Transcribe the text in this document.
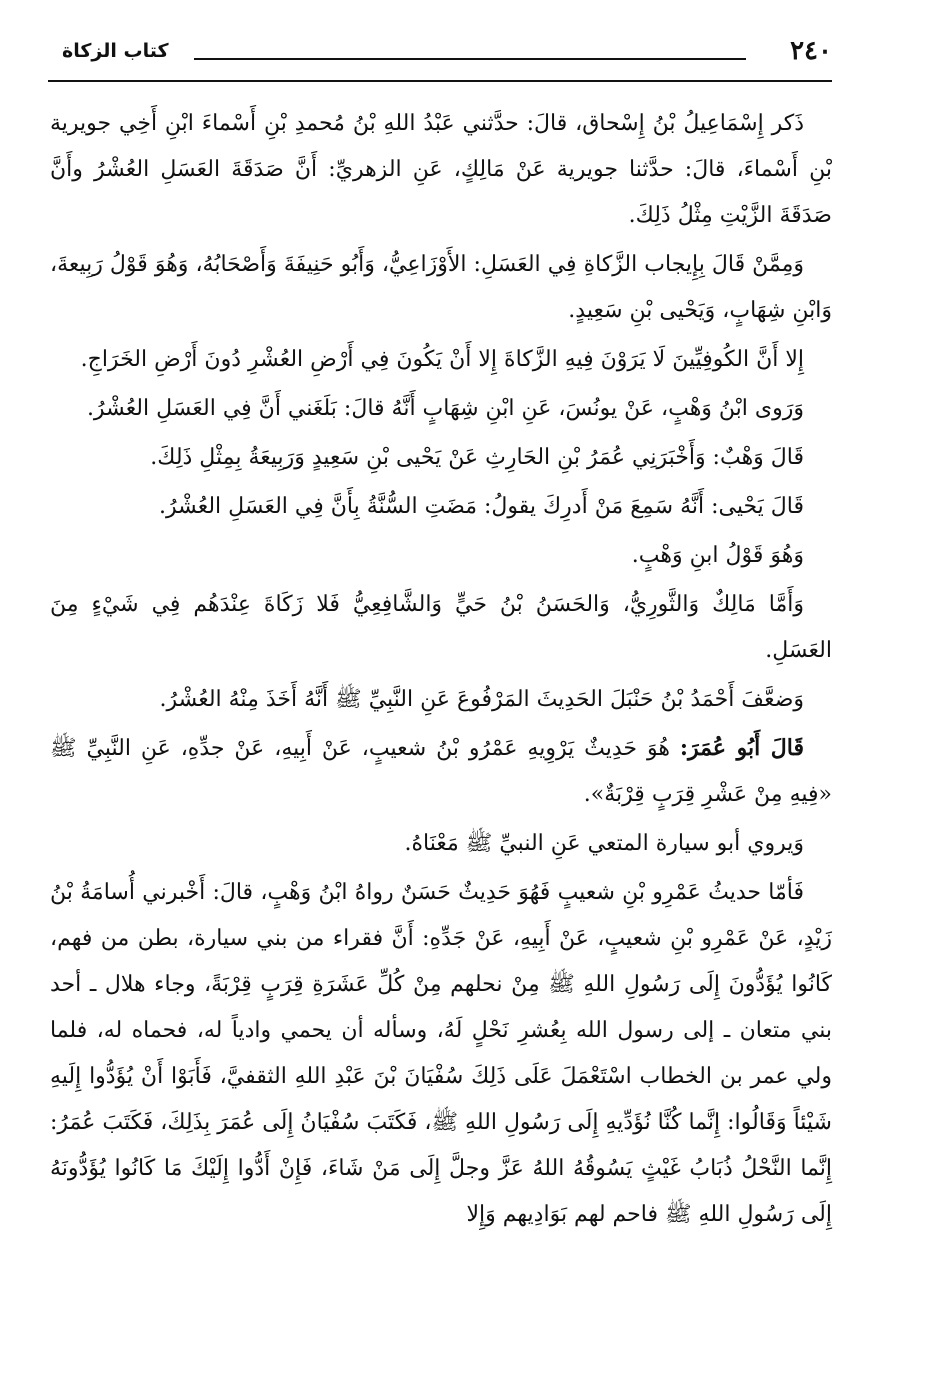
٢٤٠
كتاب الزكاة

ذَكر إِسْمَاعِيلُ بْنُ إِسْحاق، قالَ: حدَّثني عَبْدُ اللهِ بْنُ مُحمدِ بْنِ أَسْماءَ ابْنِ أَخِي جويرية بْنِ أَسْماءَ، قالَ: حدَّثنا جويرية عَنْ مَالِكٍ، عَنِ الزهريِّ: أَنَّ صَدَقَةَ العَسَلِ العُشْرُ وأَنَّ صَدَقَةَ الزَّيْتِ مِثْلُ ذَلِكَ.

وَمِمَّنْ قَالَ بِإِيجاب الزَّكاةِ فِي العَسَلِ: الأَوْزَاعِيُّ، وَأَبُو حَنِيفَةَ وَأَصْحَابُهُ، وَهُوَ قَوْلُ رَبِيعةَ، وَابْنِ شِهَابٍ، وَيَحْيى بْنِ سَعِيدٍ.

إِلا أَنَّ الكُوفِيِّينَ لَا يَرَوْنَ فِيهِ الزَّكاةَ إِلا أَنْ يَكُونَ فِي أَرْضِ العُشْرِ دُونَ أَرْضِ الخَرَاجِ.

وَرَوى ابْنُ وَهْبٍ، عَنْ يونُسَ، عَنِ ابْنِ شِهَابٍ أَنَّهُ قالَ: بَلَغَني أَنَّ فِي العَسَلِ العُشْرُ.

قَالَ وَهْبٌ: وَأَخْبَرَنِي عُمَرُ بْنِ الحَارِثِ عَنْ يَحْيى بْنِ سَعِيدٍ وَرَبِيعَةُ بِمِثْلِ ذَلِكَ.

قَالَ يَحْيى: أَنَّهُ سَمِعَ مَنْ أَدرِكَ يقولُ: مَضَتِ السُّنَّةُ بِأَنَّ فِي العَسَلِ العُشْرُ.

وَهُوَ قَوْلُ ابنِ وَهْبٍ.

وَأَمَّا مَالِكٌ وَالثَّورِيُّ، وَالحَسَنُ بْنُ حَيٍّ وَالشَّافِعِيُّ فَلا زَكَاةَ عِنْدَهُم فِي شَيْءٍ مِنَ العَسَلِ.

وَضعَّفَ أَحْمَدُ بْنُ حَنْبَلَ الحَدِيثَ المَرْفُوعَ عَنِ النَّبِيِّ ﷺ أَنَّهُ أَخَذَ مِنْهُ العُشْرُ.

قَالَ أَبُو عُمَرَ: هُوَ حَدِيثٌ يَرْوِيهِ عَمْرُو بْنُ شعيبٍ، عَنْ أَبِيهِ، عَنْ جدِّهِ، عَنِ النَّبِيِّ ﷺ «فِيهِ مِنْ عَشْرِ قِرَبٍ قِرْبَةٌ».

وَيروي أبو سيارة المتعي عَنِ النبيِّ ﷺ مَعْنَاهُ.

فَأمّا حديثُ عَمْرِو بْنِ شعيبٍ فَهُوَ حَدِيثٌ حَسَنٌ رواهُ ابْنُ وَهْبٍ، قالَ: أَخْبرني أُسامَةُ بْنُ زَيْدٍ، عَنْ عَمْرِو بْنِ شعيبٍ، عَنْ أَبِيهِ، عَنْ جَدِّهِ: أَنَّ فقراء من بني سيارة، بطن من فهم، كَانُوا يُؤَدُّونَ إِلَى رَسُولِ اللهِ ﷺ مِنْ نحلهم مِنْ كُلِّ عَشَرَةِ قِرَبٍ قِرْبَةً، وجاء هلال ـ أحد بني متعان ـ إلى رسول الله بِعُشرِ نَحْلٍ لَهُ، وسأله أن يحمي وادياً له، فحماه له، فلما ولي عمر بن الخطاب اسْتَعْمَلَ عَلَى ذَلِكَ سُفْيَانَ بْنَ عَبْدِ اللهِ الثقفيَّ، فَأَبَوْا أَنْ يُؤَدُّوا إِلَيهِ شَيْئاً وَقَالُوا: إِنَّما كُنَّا نُؤَدِّيهِ إِلَى رَسُولِ اللهِ ﷺ، فَكَتَبَ سُفْيَانُ إِلَى عُمَرَ بِذَلِكَ، فَكَتَبَ عُمَرُ: إِنَّما النَّحْلُ ذُبَابُ غَيْثٍ يَسُوقُهُ اللهُ عَزَّ وجلَّ إِلَى مَنْ شَاءَ، فَإِنْ أَدُّوا إِلَيْكَ مَا كَانُوا يُؤَدُّونَهُ إِلَى رَسُولِ اللهِ ﷺ فاحم لهم بَوَادِيهم وَإِلا
